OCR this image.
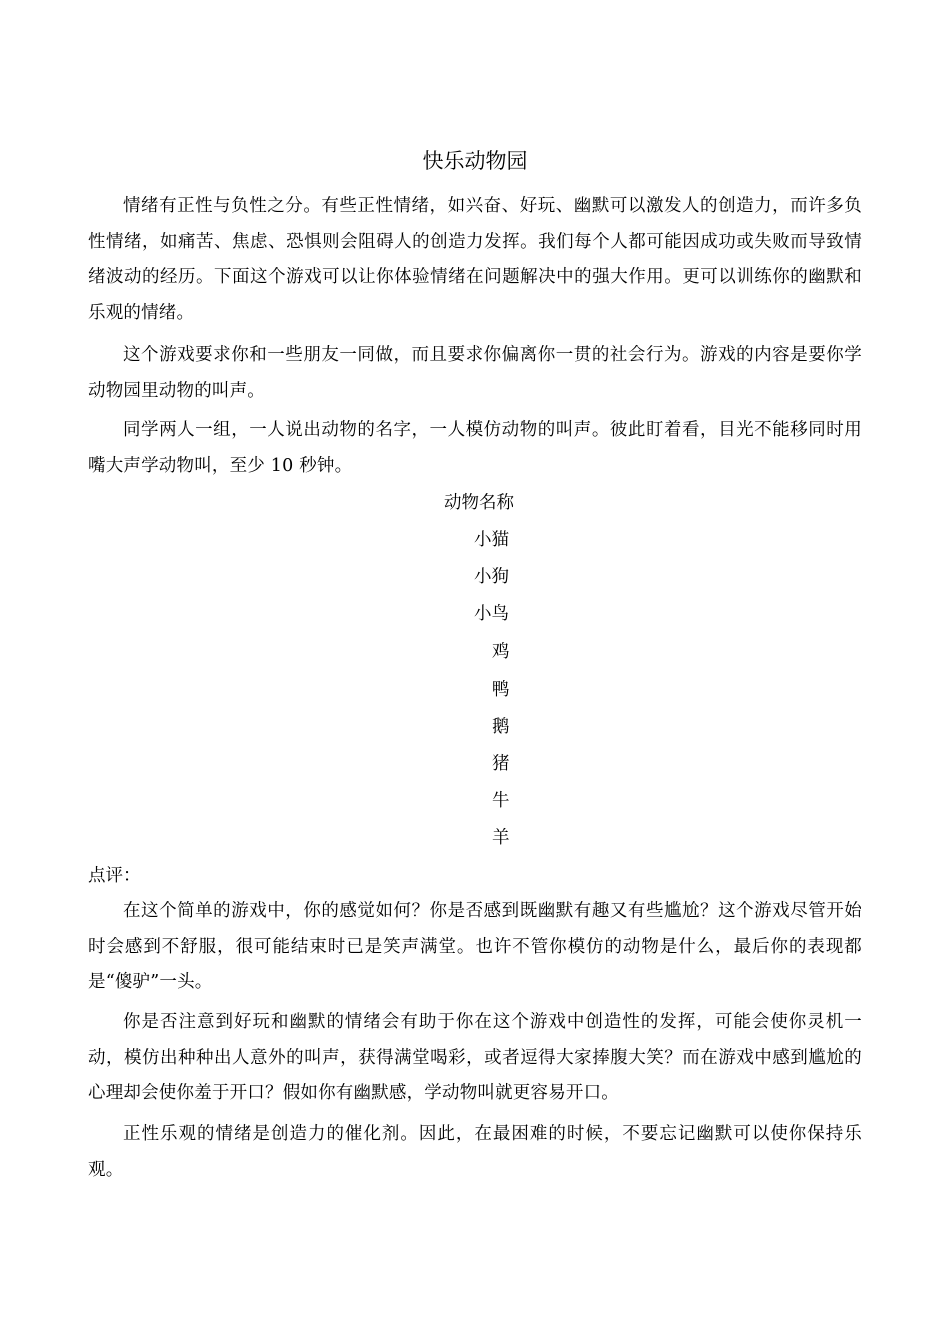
快乐动物园

情绪有正性与负性之分。有些正性情绪，如兴奋、好玩、幽默可以激发人的创造力，而许多负性情绪，如痛苦、焦虑、恐惧则会阻碍人的创造力发挥。我们每个人都可能因成功或失败而导致情绪波动的经历。下面这个游戏可以让你体验情绪在问题解决中的强大作用。更可以训练你的幽默和乐观的情绪。

这个游戏要求你和一些朋友一同做，而且要求你偏离你一贯的社会行为。游戏的内容是要你学动物园里动物的叫声。

同学两人一组，一人说出动物的名字，一人模仿动物的叫声。彼此盯着看，目光不能移同时用嘴大声学动物叫，至少 10 秒钟。

动物名称
小猫
小狗
小鸟
鸡
鸭
鹅
猪
牛
羊
点评：

在这个简单的游戏中，你的感觉如何？你是否感到既幽默有趣又有些尴尬？这个游戏尽管开始时会感到不舒服，很可能结束时已是笑声满堂。也许不管你模仿的动物是什么，最后你的表现都是“傻驴”一头。

你是否注意到好玩和幽默的情绪会有助于你在这个游戏中创造性的发挥，可能会使你灵机一动，模仿出种种出人意外的叫声，获得满堂喝彩，或者逗得大家捧腹大笑？而在游戏中感到尴尬的心理却会使你羞于开口？假如你有幽默感，学动物叫就更容易开口。

正性乐观的情绪是创造力的催化剂。因此，在最困难的时候，不要忘记幽默可以使你保持乐观。
